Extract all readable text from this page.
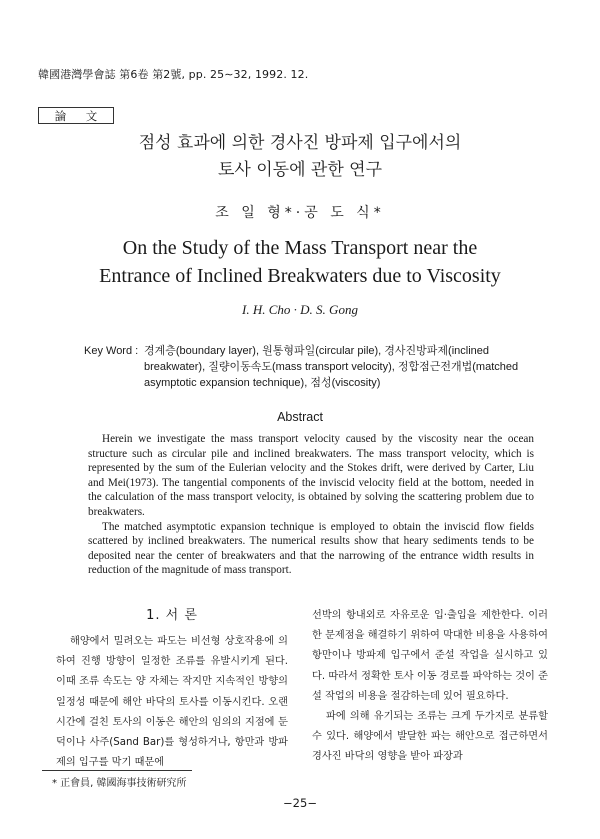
韓國港灣學會誌 第6卷 第2號, pp. 25∼32, 1992. 12.
論 文
점성 효과에 의한 경사진 방파제 입구에서의
토사 이동에 관한 연구
조 일 형*·공 도 식*
On the Study of the Mass Transport near the
Entrance of Inclined Breakwaters due to Viscosity
I. H. Cho · D. S. Gong
Key Word : 경계층(boundary layer), 원통형파일(circular pile), 경사진방파제(inclined breakwater), 질량이동속도(mass transport velocity), 정합점근전개법(matched asymptotic expansion technique), 점성(viscosity)
Abstract

Herein we investigate the mass transport velocity caused by the viscosity near the ocean structure such as circular pile and inclined breakwaters. The mass transport velocity, which is represented by the sum of the Eulerian velocity and the Stokes drift, were derived by Carter, Liu and Mei(1973). The tangential components of the inviscid velocity field at the bottom, needed in the calculation of the mass transport velocity, is obtained by solving the scattering problem due to breakwaters.

The matched asymptotic expansion technique is employed to obtain the inviscid flow fields scattered by inclined breakwaters. The numerical results show that heary sediments tends to be deposited near the center of breakwaters and that the narrowing of the entrance width results in reduction of the magnitude of mass transport.

1. 서 론

해양에서 밀려오는 파도는 비선형 상호작용에 의하여 진행 방향이 일정한 조류를 유발시키게 된다. 이때 조류 속도는 양 자체는 작지만 지속적인 방향의 일정성 때문에 해안 바닥의 토사를 이동시킨다. 오랜 시간에 걸친 토사의 이동은 해안의 임의의 지점에 둔덕이나 사주(Sand Bar)를 형성하거나, 항만과 방파제의 입구를 막기 때문에

선박의 항내외로 자유로운 입·출입을 제한한다. 이러한 문제점을 해결하기 위하여 막대한 비용을 사용하여 항만이나 방파제 입구에서 준설 작업을 실시하고 있다. 따라서 정확한 토사 이동 경로를 파악하는 것이 준설 작업의 비용을 절감하는데 있어 필요하다.

파에 의해 유기되는 조류는 크게 두가지로 분류할 수 있다. 해양에서 발달한 파는 해안으로 접근하면서 경사진 바닥의 영향을 받아 파장과

* 正會員, 韓國海事技術研究所
−25−
